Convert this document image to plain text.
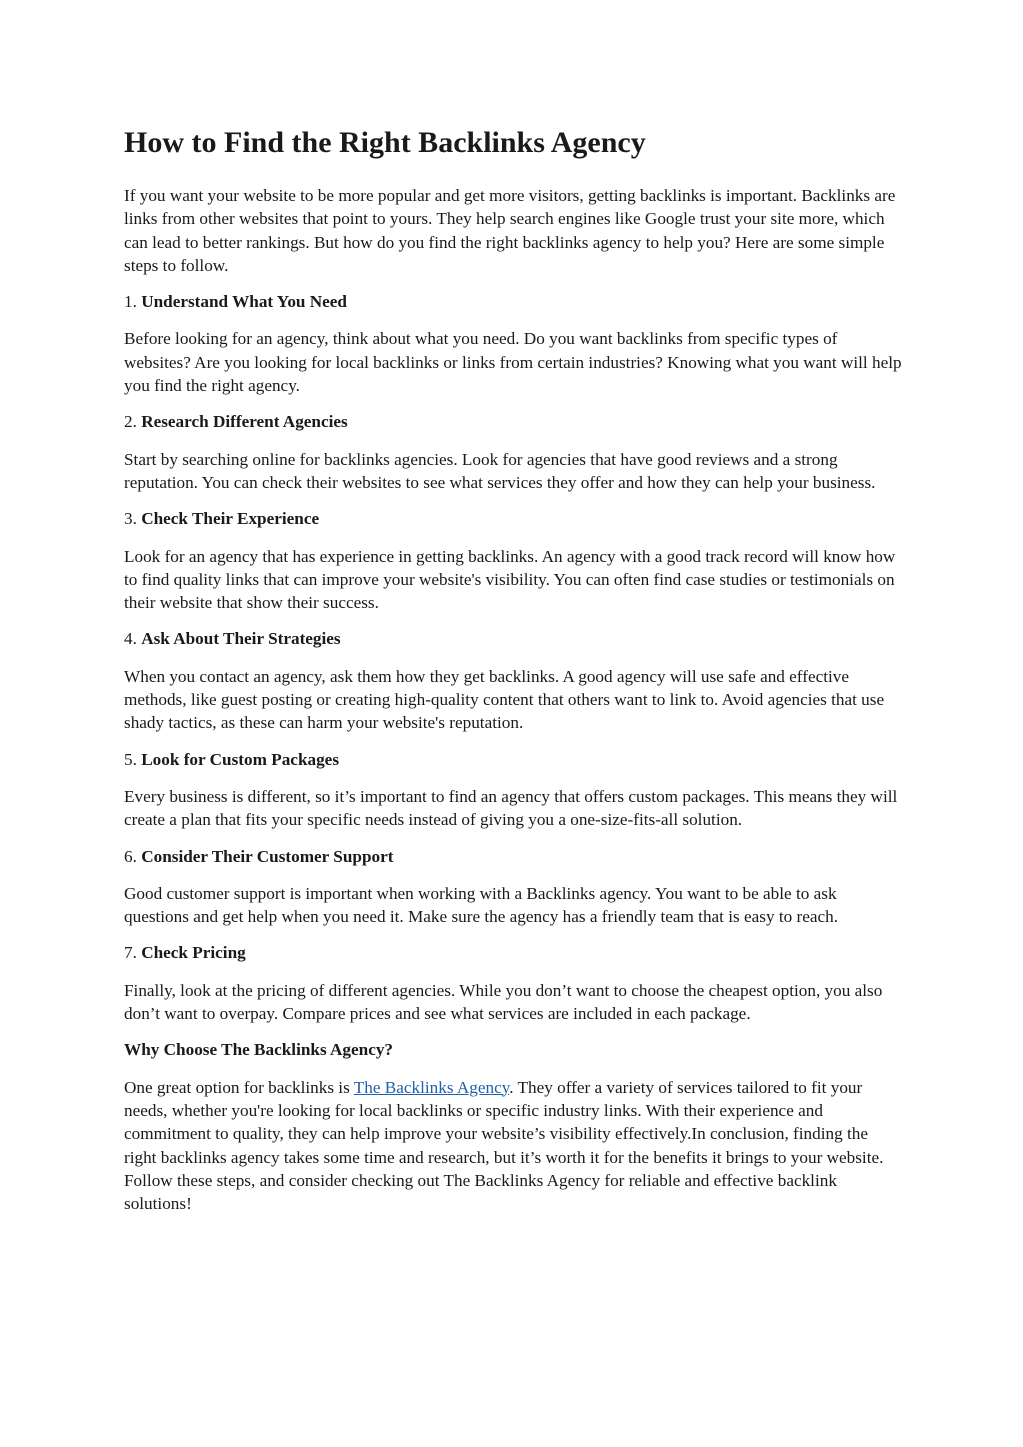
How to Find the Right Backlinks Agency

If you want your website to be more popular and get more visitors, getting backlinks is important. Backlinks are links from other websites that point to yours. They help search engines like Google trust your site more, which can lead to better rankings. But how do you find the right backlinks agency to help you? Here are some simple steps to follow.

1. Understand What You Need

Before looking for an agency, think about what you need. Do you want backlinks from specific types of websites? Are you looking for local backlinks or links from certain industries? Knowing what you want will help you find the right agency.

2. Research Different Agencies

Start by searching online for backlinks agencies. Look for agencies that have good reviews and a strong reputation. You can check their websites to see what services they offer and how they can help your business.

3. Check Their Experience

Look for an agency that has experience in getting backlinks. An agency with a good track record will know how to find quality links that can improve your website's visibility. You can often find case studies or testimonials on their website that show their success.

4. Ask About Their Strategies

When you contact an agency, ask them how they get backlinks. A good agency will use safe and effective methods, like guest posting or creating high-quality content that others want to link to. Avoid agencies that use shady tactics, as these can harm your website's reputation.

5. Look for Custom Packages

Every business is different, so it’s important to find an agency that offers custom packages. This means they will create a plan that fits your specific needs instead of giving you a one-size-fits-all solution.

6. Consider Their Customer Support

Good customer support is important when working with a Backlinks agency. You want to be able to ask questions and get help when you need it. Make sure the agency has a friendly team that is easy to reach.

7. Check Pricing

Finally, look at the pricing of different agencies. While you don’t want to choose the cheapest option, you also don’t want to overpay. Compare prices and see what services are included in each package.

Why Choose The Backlinks Agency?

One great option for backlinks is The Backlinks Agency. They offer a variety of services tailored to fit your needs, whether you're looking for local backlinks or specific industry links. With their experience and commitment to quality, they can help improve your website’s visibility effectively.In conclusion, finding the right backlinks agency takes some time and research, but it’s worth it for the benefits it brings to your website. Follow these steps, and consider checking out The Backlinks Agency for reliable and effective backlink solutions!
